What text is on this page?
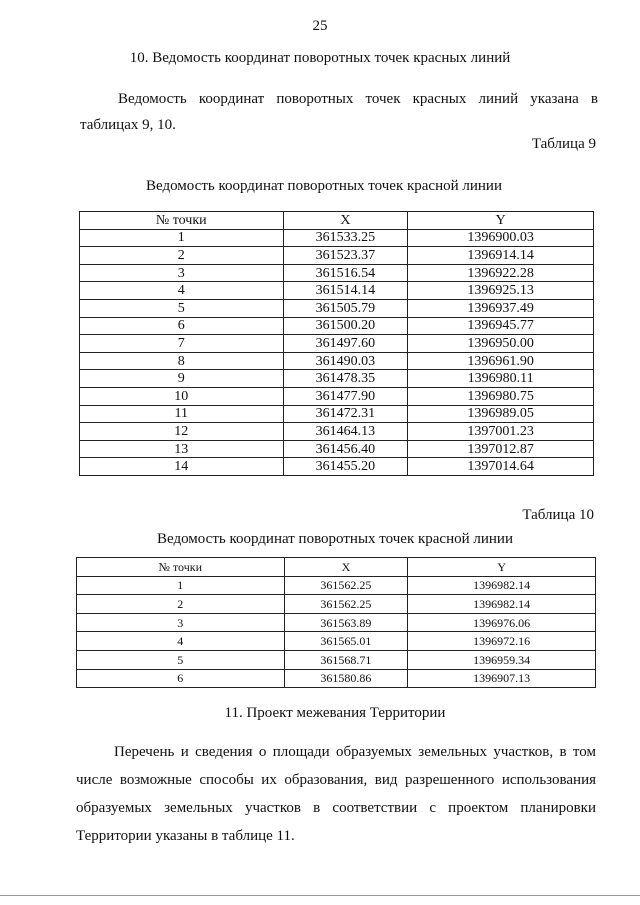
25
10. Ведомость координат поворотных точек красных линий
Ведомость координат поворотных точек красных линий указана в таблицах 9, 10.
Таблица 9
Ведомость координат поворотных точек красной линии
№ точки	X	Y
1	361533.25	1396900.03
2	361523.37	1396914.14
3	361516.54	1396922.28
4	361514.14	1396925.13
5	361505.79	1396937.49
6	361500.20	1396945.77
7	361497.60	1396950.00
8	361490.03	1396961.90
9	361478.35	1396980.11
10	361477.90	1396980.75
11	361472.31	1396989.05
12	361464.13	1397001.23
13	361456.40	1397012.87
14	361455.20	1397014.64
Таблица 10
Ведомость координат поворотных точек красной линии
№ точки	X	Y
1	361562.25	1396982.14
2	361562.25	1396982.14
3	361563.89	1396976.06
4	361565.01	1396972.16
5	361568.71	1396959.34
6	361580.86	1396907.13
11. Проект межевания Территории
Перечень и сведения о площади образуемых земельных участков, в том числе возможные способы их образования, вид разрешенного использования образуемых земельных участков в соответствии с проектом планировки Территории указаны в таблице 11.
